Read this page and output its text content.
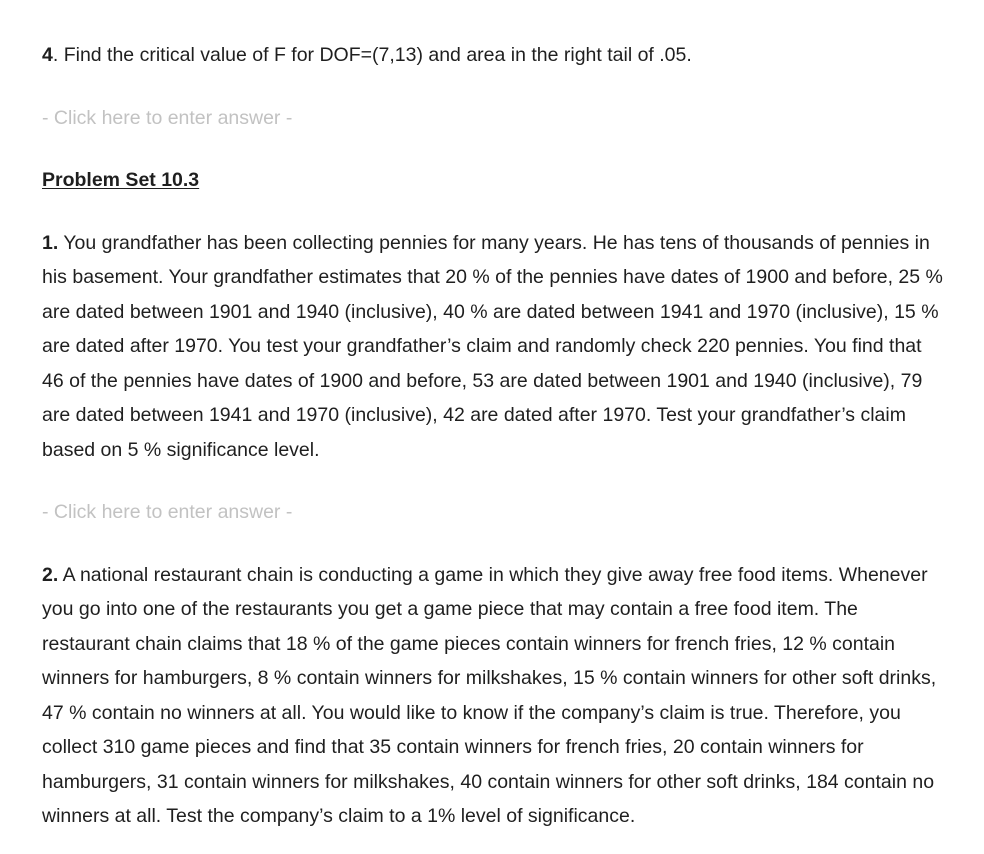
4. Find the critical value of F for DOF=(7,13) and area in the right tail of .05.

- Click here to enter answer -

Problem Set 10.3

1. You grandfather has been collecting pennies for many years. He has tens of thousands of pennies in his basement. Your grandfather estimates that 20 % of the pennies have dates of 1900 and before, 25 % are dated between 1901 and 1940 (inclusive), 40 % are dated between 1941 and 1970 (inclusive), 15 % are dated after 1970. You test your grandfather’s claim and randomly check 220 pennies. You find that 46 of the pennies have dates of 1900 and before, 53 are dated between 1901 and 1940 (inclusive), 79 are dated between 1941 and 1970 (inclusive), 42 are dated after 1970. Test your grandfather’s claim based on 5 % significance level.

- Click here to enter answer -

2. A national restaurant chain is conducting a game in which they give away free food items. Whenever you go into one of the restaurants you get a game piece that may contain a free food item. The restaurant chain claims that 18 % of the game pieces contain winners for french fries, 12 % contain winners for hamburgers, 8 % contain winners for milkshakes, 15 % contain winners for other soft drinks, 47 % contain no winners at all. You would like to know if the company’s claim is true. Therefore, you collect 310 game pieces and find that 35 contain winners for french fries, 20 contain winners for hamburgers, 31 contain winners for milkshakes, 40 contain winners for other soft drinks, 184 contain no winners at all. Test the company’s claim to a 1% level of significance.
